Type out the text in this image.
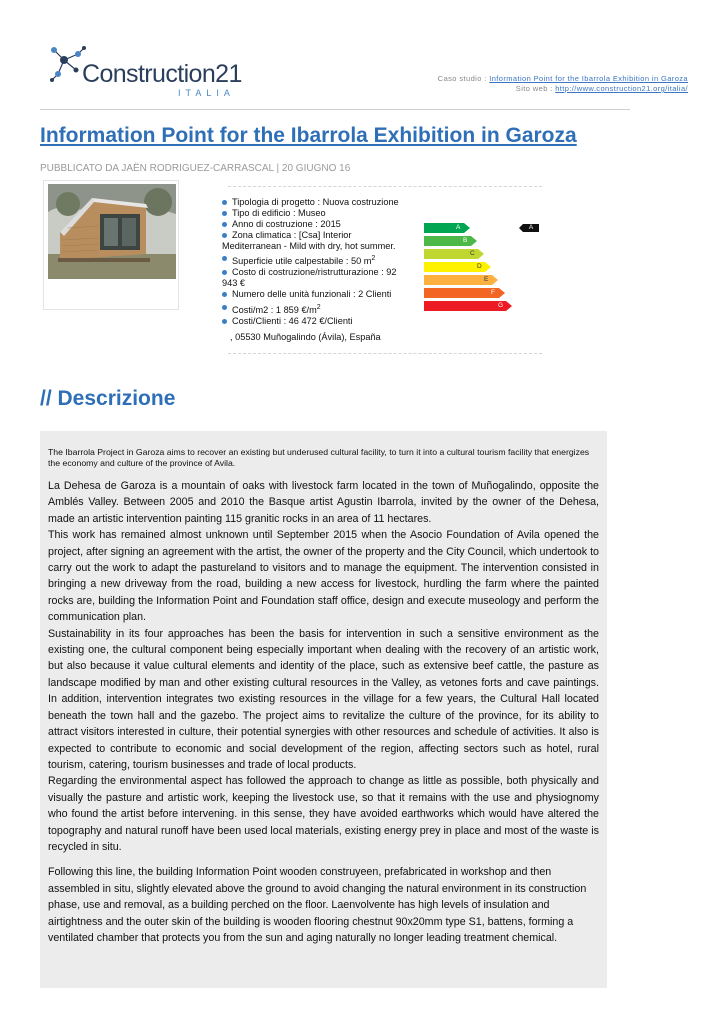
Construction21
ITALIA
Caso studio : Information Point for the Ibarrola Exhibition in Garoza
Sito web : http://www.construction21.org/italia/
Information Point for the Ibarrola Exhibition in Garoza
PUBBLICATO DA JAËN RODRIGUEZ-CARRASCAL | 20 GIUGNO 16
Tipologia di progetto : Nuova costruzione
Tipo di edificio : Museo
Anno di costruzione : 2015
Zona climatica : [Csa] Interior
Mediterranean - Mild with dry, hot summer.
Superficie utile calpestabile : 50 $m^2$
Costo di costruzione/ristrutturazione : 92
943 €
Numero delle unità funzionali : 2 Clienti
Costi/m2 : 1 859 $€/m^2$
Costi/Clienti : 46 472 €/Clienti
, 05530 Muñogalindo (Ávila), España
A
A
B
C
D
E
F
G
// Descrizione
The Ibarrola Project in Garoza aims to recover an existing but underused cultural facility, to turn it into a cultural tourism facility that energizes the economy and culture of the province of Avila.

La Dehesa de Garoza is a mountain of oaks with livestock farm located in the town of Muñogalindo, opposite the Amblés Valley. Between 2005 and 2010 the Basque artist Agustin Ibarrola, invited by the owner of the Dehesa, made an artistic intervention painting 115 granitic rocks in an area of 11 hectares.

This work has remained almost unknown until September 2015 when the Asocio Foundation of Avila opened the project, after signing an agreement with the artist, the owner of the property and the City Council, which undertook to carry out the work to adapt the pastureland to visitors and to manage the equipment. The intervention consisted in bringing a new driveway from the road, building a new access for livestock, hurdling the farm where the painted rocks are, building the Information Point and Foundation staff office, design and execute museology and perform the communication plan.

Sustainability in its four approaches has been the basis for intervention in such a sensitive environment as the existing one, the cultural component being especially important when dealing with the recovery of an artistic work, but also because it value cultural elements and identity of the place, such as extensive beef cattle, the pasture as landscape modified by man and other existing cultural resources in the Valley, as vetones forts and cave paintings. In addition, intervention integrates two existing resources in the village for a few years, the Cultural Hall located beneath the town hall and the gazebo. The project aims to revitalize the culture of the province, for its ability to attract visitors interested in culture, their potential synergies with other resources and schedule of activities. It also is expected to contribute to economic and social development of the region, affecting sectors such as hotel, rural tourism, catering, tourism businesses and trade of local products.

Regarding the environmental aspect has followed the approach to change as little as possible, both physically and visually the pasture and artistic work, keeping the livestock use, so that it remains with the use and physiognomy who found the artist before intervening. in this sense, they have avoided earthworks which would have altered the topography and natural runoff have been used local materials, existing energy prey in place and most of the waste is recycled in situ.

Following this line, the building Information Point wooden construyeen, prefabricated in workshop and then assembled in situ, slightly elevated above the ground to avoid changing the natural environment in its construction phase, use and removal, as a building perched on the floor. Laenvolvente has high levels of insulation and airtightness and the outer skin of the building is wooden flooring chestnut 90x20mm type S1, battens, forming a ventilated chamber that protects you from the sun and aging naturally no longer leading treatment chemical.
